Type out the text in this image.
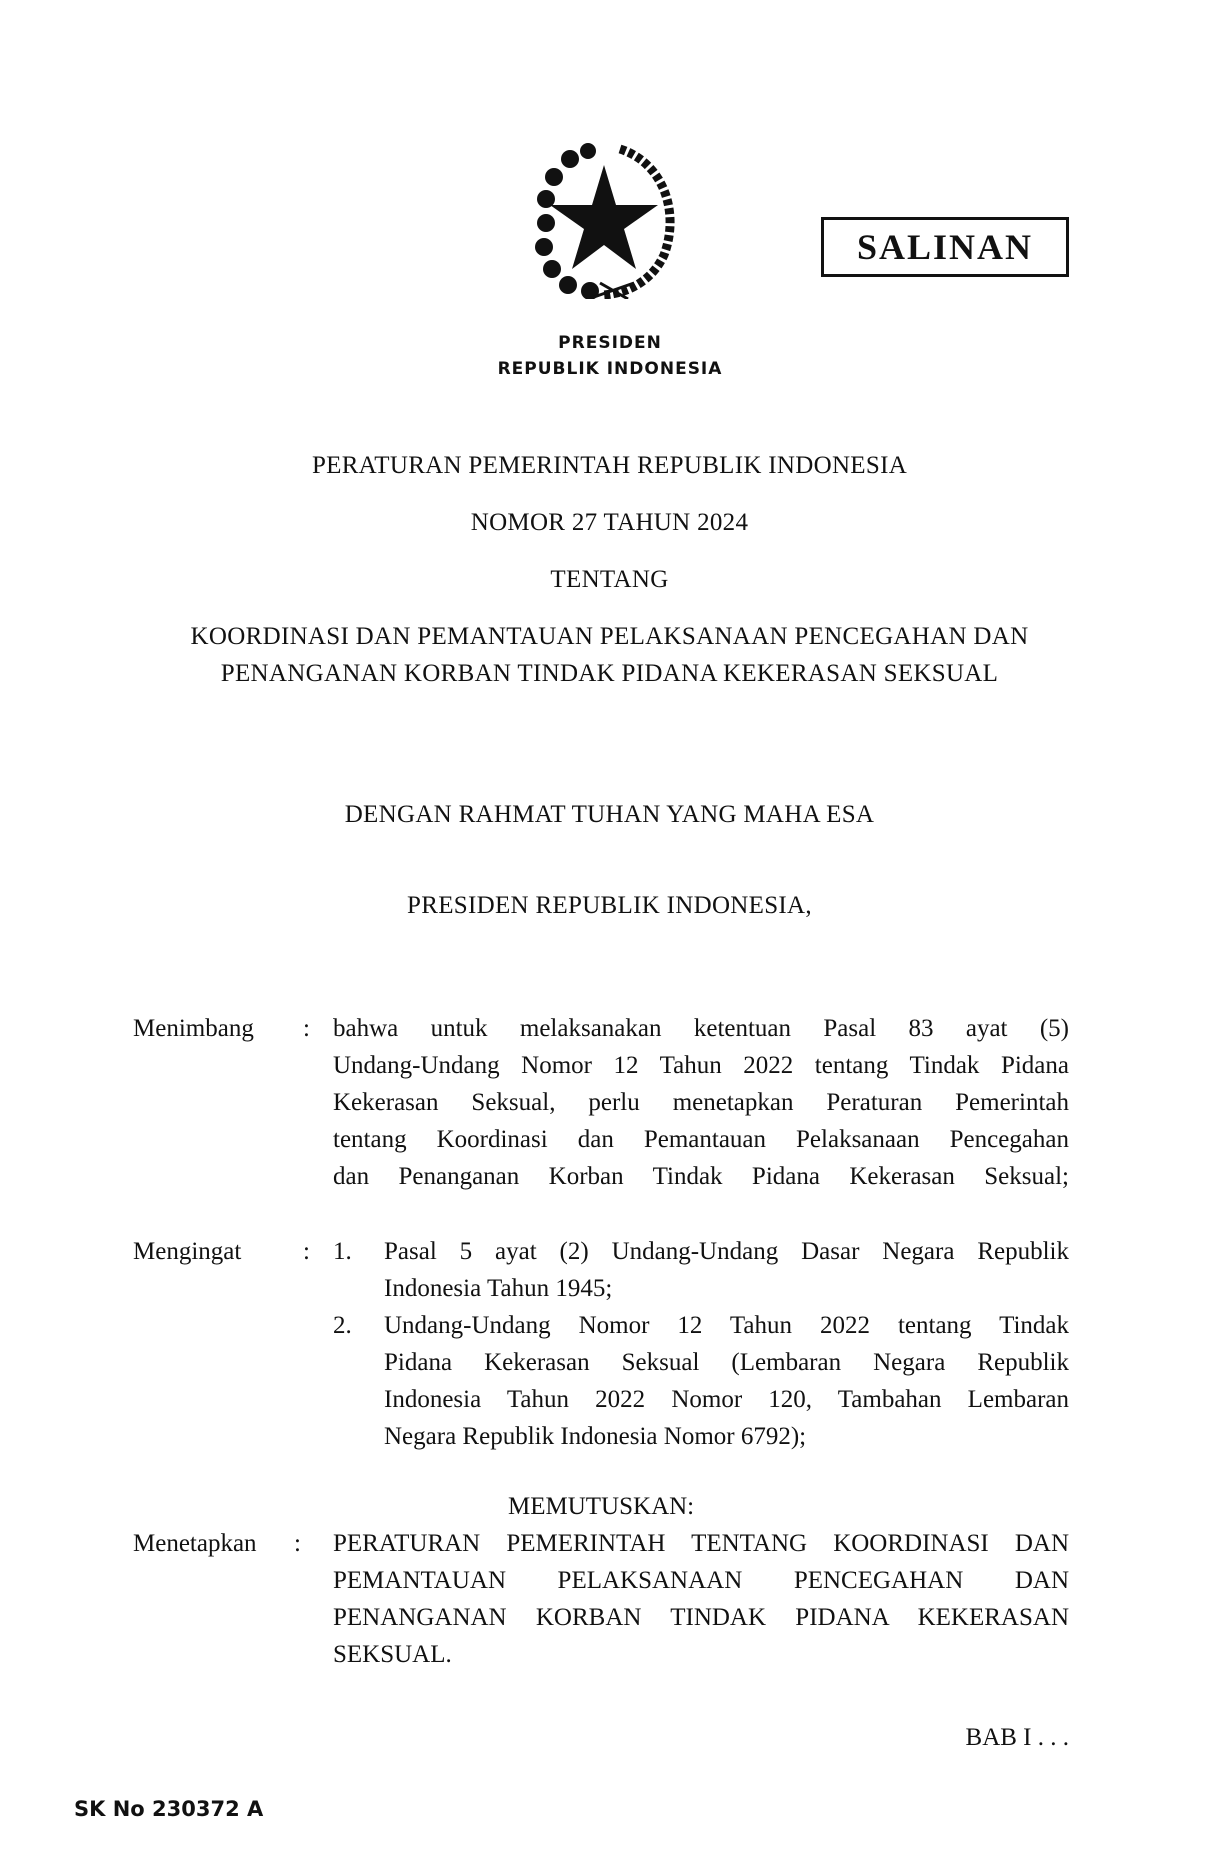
PRESIDEN
REPUBLIK INDONESIA
SALINAN
PERATURAN PEMERINTAH REPUBLIK INDONESIA
NOMOR 27 TAHUN 2024
TENTANG
KOORDINASI DAN PEMANTAUAN PELAKSANAAN PENCEGAHAN DAN
PENANGANAN KORBAN TINDAK PIDANA KEKERASAN SEKSUAL
DENGAN RAHMAT TUHAN YANG MAHA ESA
PRESIDEN REPUBLIK INDONESIA,
Menimbang : bahwa untuk melaksanakan ketentuan Pasal 83 ayat (5)
Undang-Undang Nomor 12 Tahun 2022 tentang Tindak Pidana
Kekerasan Seksual, perlu menetapkan Peraturan Pemerintah
tentang Koordinasi dan Pemantauan Pelaksanaan Pencegahan
dan Penanganan Korban Tindak Pidana Kekerasan Seksual;
Mengingat : 1. Pasal 5 ayat (2) Undang-Undang Dasar Negara Republik
Indonesia Tahun 1945;
2. Undang-Undang Nomor 12 Tahun 2022 tentang Tindak
Pidana Kekerasan Seksual (Lembaran Negara Republik
Indonesia Tahun 2022 Nomor 120, Tambahan Lembaran
Negara Republik Indonesia Nomor 6792);
MEMUTUSKAN:
Menetapkan : PERATURAN PEMERINTAH TENTANG KOORDINASI DAN
PEMANTAUAN PELAKSANAAN PENCEGAHAN DAN
PENANGANAN KORBAN TINDAK PIDANA KEKERASAN
SEKSUAL.
BAB I . . .
SK No 230372 A
